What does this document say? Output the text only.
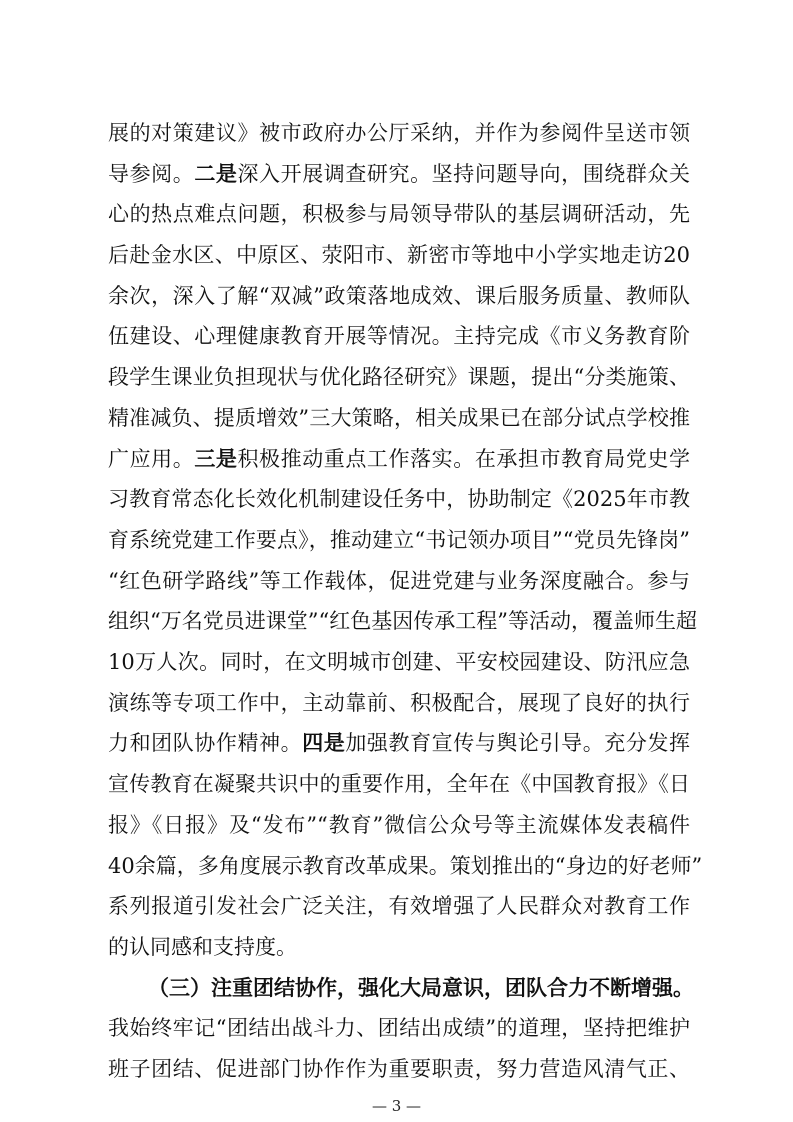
展的对策建议》被市政府办公厅采纳，并作为参阅件呈送市领
导参阅。二是深入开展调查研究。坚持问题导向，围绕群众关
心的热点难点问题，积极参与局领导带队的基层调研活动，先
后赴金水区、中原区、荥阳市、新密市等地中小学实地走访20
余次，深入了解“双减”政策落地成效、课后服务质量、教师队
伍建设、心理健康教育开展等情况。主持完成《市义务教育阶
段学生课业负担现状与优化路径研究》课题，提出“分类施策、
精准减负、提质增效”三大策略，相关成果已在部分试点学校推
广应用。三是积极推动重点工作落实。在承担市教育局党史学
习教育常态化长效化机制建设任务中，协助制定《2025年市教
育系统党建工作要点》，推动建立“书记领办项目”“党员先锋岗”
“红色研学路线”等工作载体，促进党建与业务深度融合。参与
组织“万名党员进课堂”“红色基因传承工程”等活动，覆盖师生超
10万人次。同时，在文明城市创建、平安校园建设、防汛应急
演练等专项工作中，主动靠前、积极配合，展现了良好的执行
力和团队协作精神。四是加强教育宣传与舆论引导。充分发挥
宣传教育在凝聚共识中的重要作用，全年在《中国教育报》《日
报》《日报》及“发布”“教育”微信公众号等主流媒体发表稿件
40余篇，多角度展示教育改革成果。策划推出的“身边的好老师”
系列报道引发社会广泛关注，有效增强了人民群众对教育工作
的认同感和支持度。
（三）注重团结协作，强化大局意识，团队合力不断增强。
我始终牢记“团结出战斗力、团结出成绩”的道理，坚持把维护
班子团结、促进部门协作作为重要职责，努力营造风清气正、
— 3 —
